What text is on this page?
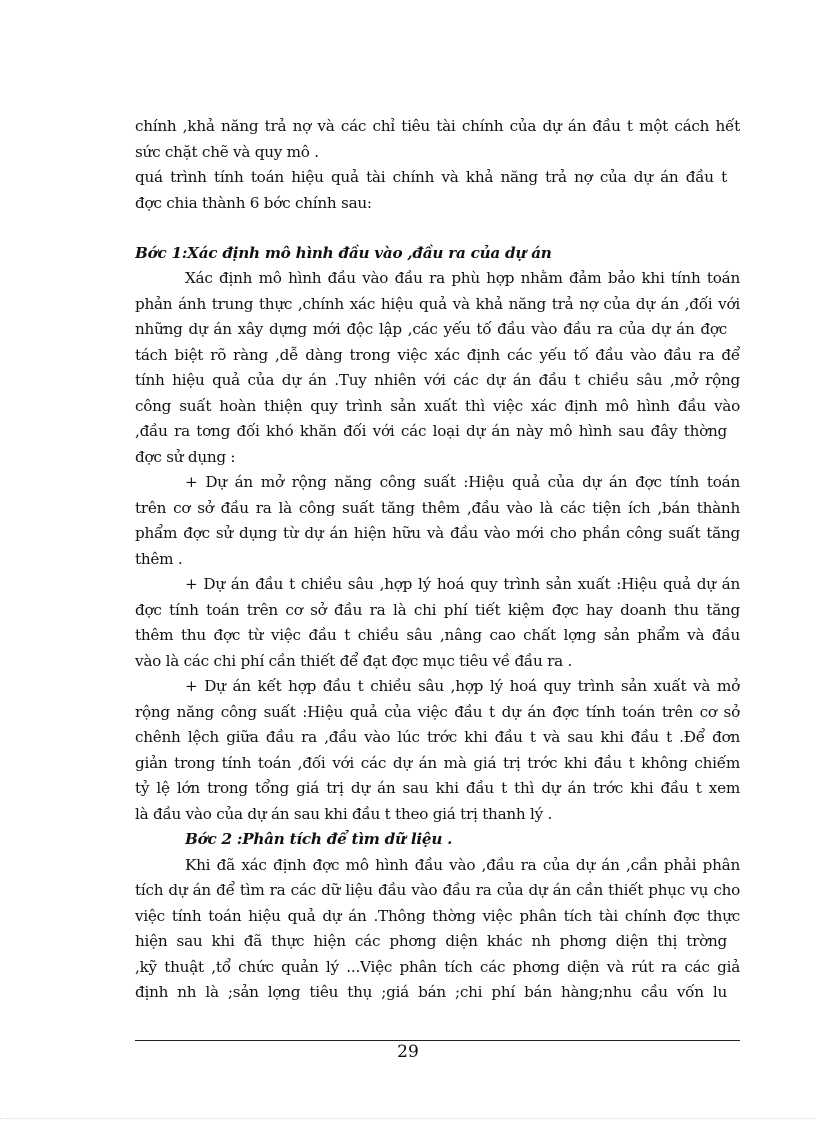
chính ,khả năng trả nợ và các chỉ tiêu tài chính của dự án đầu t một cách hết
sức chặt chẽ và quy mô .
quá trình tính toán hiệu quả tài chính và khả năng trả nợ của dự án đầu t
đợc chia thành 6 bớc chính sau:
Bớc 1:Xác định mô hình đầu vào ,đầu ra của dự án
Xác định mô hình đầu vào đầu ra phù hợp nhằm đảm bảo khi tính toán
phản ánh trung thực ,chính xác hiệu quả và khả năng trả nợ của dự án ,đối với
những dự án xây dựng mới độc lập ,các yếu tố đầu vào đầu ra của dự án đợc
tách biệt rõ ràng ,dễ dàng trong việc xác định các yếu tố đầu vào đầu ra để
tính hiệu quả của dự án .Tuy nhiên với các dự án đầu t chiều sâu ,mở rộng
công suất hoàn thiện quy trình sản xuất thì việc xác định mô hình đầu vào
,đầu ra tơng đối khó khăn đối với các loại dự án này mô hình sau đây thờng
đợc sử dụng :
+ Dự án mở rộng năng công suất :Hiệu quả của dự án đợc tính toán
trên cơ sở đầu ra là công suất tăng thêm ,đầu vào là các tiện ích ,bán thành
phẩm đợc sử dụng từ dự án hiện hữu và đầu vào mới cho phần công suất tăng
thêm .
+ Dự án đầu t chiều sâu ,hợp lý hoá quy trình sản xuất :Hiệu quả dự án
đợc tính toán trên cơ sở đầu ra là chi phí tiết kiệm đợc hay doanh thu tăng
thêm thu đợc từ việc đầu t chiều sâu ,nâng cao chất lợng sản phẩm và đầu
vào là các chi phí cần thiết để đạt đợc mục tiêu về đầu ra .
+ Dự án kết hợp đầu t chiều sâu ,hợp lý hoá quy trình sản xuất và mở
rộng năng công suất :Hiệu quả của việc đầu t dự án đợc tính toán trên cơ sở
chênh lệch giữa đầu ra ,đầu vào lúc trớc khi đầu t và sau khi đầu t .Để đơn
giản trong tính toán ,đối với các dự án mà giá trị trớc khi đầu t không chiếm
tỷ lệ lớn trong tổng giá trị dự án sau khi đầu t thì dự án trớc khi đầu t xem
là đầu vào của dự án sau khi đầu t theo giá trị thanh lý .
Bớc 2 :Phân tích để tìm dữ liệu .
Khi đã xác định đợc mô hình đầu vào ,đầu ra của dự án ,cần phải phân
tích dự án để tìm ra các dữ liệu đầu vào đầu ra của dự án cần thiết phục vụ cho
việc tính toán hiệu quả dự án .Thông thờng việc phân tích tài chính đợc thực
hiện sau khi đã thực hiện các phơng diện khác nh phơng diện thị trờng
,kỹ thuật ,tổ chức quản lý ...Việc phân tích các phơng diện và rút ra các giả
định nh là ;sản lợng tiêu thụ ;giá bán ;chi phí bán hàng;nhu cầu vốn lu
29
